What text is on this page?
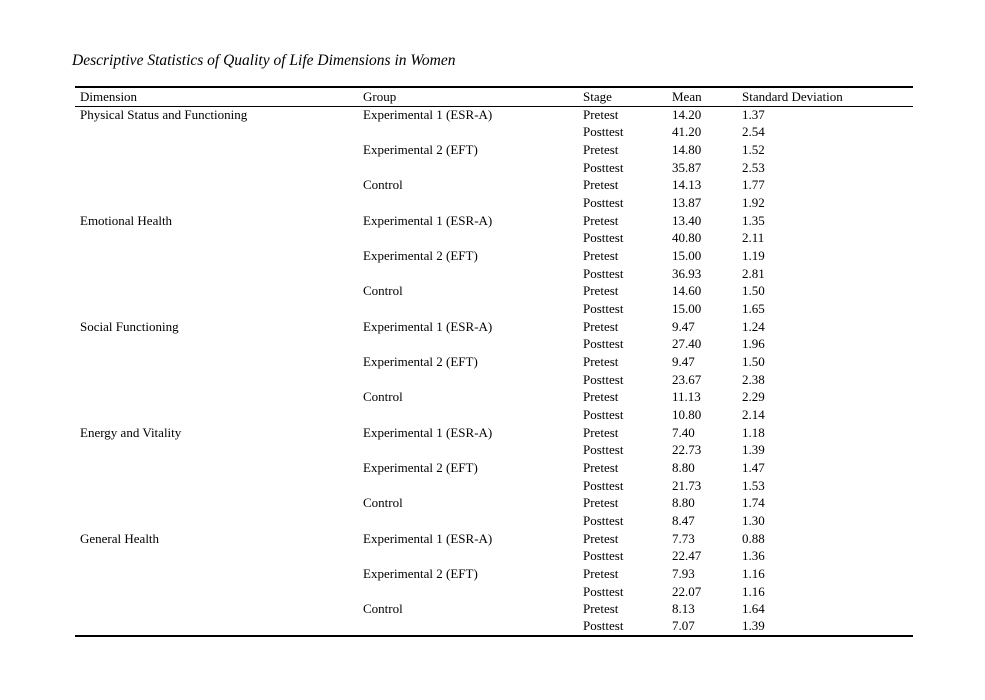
Descriptive Statistics of Quality of Life Dimensions in Women
Dimension	Group	Stage	Mean	Standard Deviation
Physical Status and Functioning	Experimental 1 (ESR-A)	Pretest	14.20	1.37
		Posttest	41.20	2.54
	Experimental 2 (EFT)	Pretest	14.80	1.52
		Posttest	35.87	2.53
	Control	Pretest	14.13	1.77
		Posttest	13.87	1.92
Emotional Health	Experimental 1 (ESR-A)	Pretest	13.40	1.35
		Posttest	40.80	2.11
	Experimental 2 (EFT)	Pretest	15.00	1.19
		Posttest	36.93	2.81
	Control	Pretest	14.60	1.50
		Posttest	15.00	1.65
Social Functioning	Experimental 1 (ESR-A)	Pretest	9.47	1.24
		Posttest	27.40	1.96
	Experimental 2 (EFT)	Pretest	9.47	1.50
		Posttest	23.67	2.38
	Control	Pretest	11.13	2.29
		Posttest	10.80	2.14
Energy and Vitality	Experimental 1 (ESR-A)	Pretest	7.40	1.18
		Posttest	22.73	1.39
	Experimental 2 (EFT)	Pretest	8.80	1.47
		Posttest	21.73	1.53
	Control	Pretest	8.80	1.74
		Posttest	8.47	1.30
General Health	Experimental 1 (ESR-A)	Pretest	7.73	0.88
		Posttest	22.47	1.36
	Experimental 2 (EFT)	Pretest	7.93	1.16
		Posttest	22.07	1.16
	Control	Pretest	8.13	1.64
		Posttest	7.07	1.39
